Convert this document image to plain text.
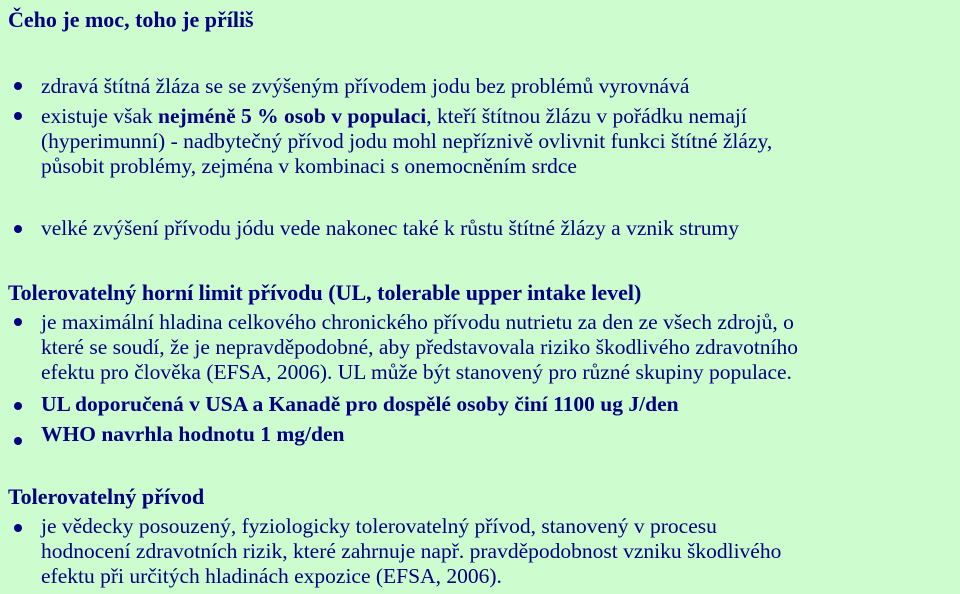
Čeho je moc, toho je příliš
zdravá štítná žláza se se zvýšeným přívodem jodu bez problémů vyrovnává
existuje však nejméně 5 % osob v populaci, kteří štítnou žlázu v pořádku nemají
(hyperimunní) - nadbytečný přívod jodu mohl nepříznivě ovlivnit funkci štítné žlázy,
působit problémy, zejména v kombinaci s onemocněním srdce
velké zvýšení přívodu jódu vede nakonec také k růstu štítné žlázy a vznik strumy
Tolerovatelný horní limit přívodu (UL, tolerable upper intake level)
je maximální hladina celkového chronického přívodu nutrietu za den ze všech zdrojů, o
které se soudí, že je nepravděpodobné, aby představovala riziko škodlivého zdravotního
efektu pro člověka (EFSA, 2006). UL může být stanovený pro různé skupiny populace.
UL doporučená v USA a Kanadě pro dospělé osoby činí 1100 ug J/den
WHO navrhla hodnotu 1 mg/den
Tolerovatelný přívod
je vědecky posouzený, fyziologicky tolerovatelný přívod, stanovený v procesu
hodnocení zdravotních rizik, které zahrnuje např. pravděpodobnost vzniku škodlivého
efektu při určitých hladinách expozice (EFSA, 2006).
